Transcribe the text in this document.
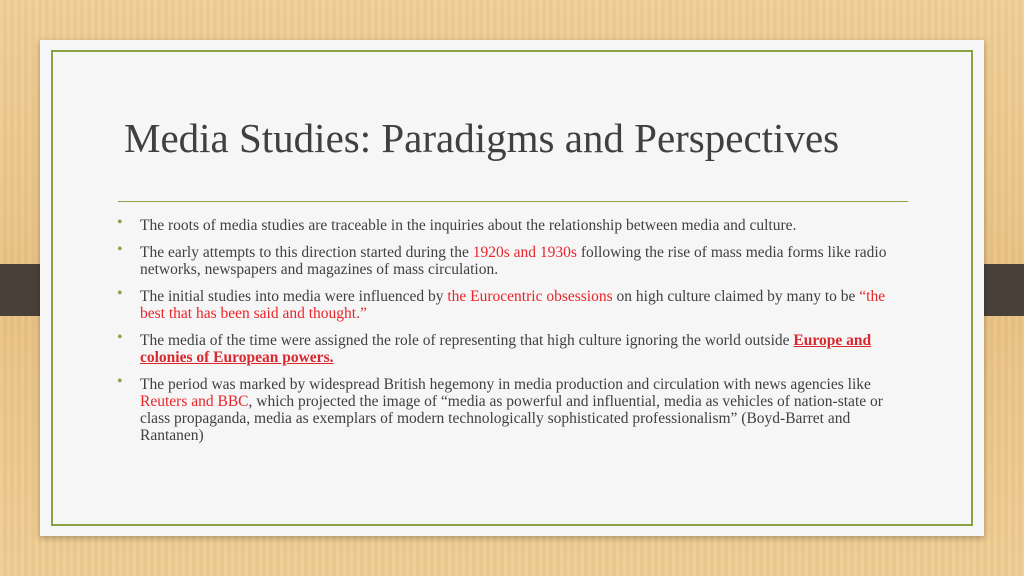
Media Studies: Paradigms and Perspectives
• The roots of media studies are traceable in the inquiries about the relationship between media and culture.
• The early attempts to this direction started during the 1920s and 1930s following the rise of mass media forms like radio networks, newspapers and magazines of mass circulation.
• The initial studies into media were influenced by the Eurocentric obsessions on high culture claimed by many to be “the best that has been said and thought.”
• The media of the time were assigned the role of representing that high culture ignoring the world outside Europe and colonies of European powers.
• The period was marked by widespread British hegemony in media production and circulation with news agencies like Reuters and BBC, which projected the image of “media as powerful and influential, media as vehicles of nation-state or class propaganda, media as exemplars of modern technologically sophisticated professionalism” (Boyd-Barret and Rantanen)
